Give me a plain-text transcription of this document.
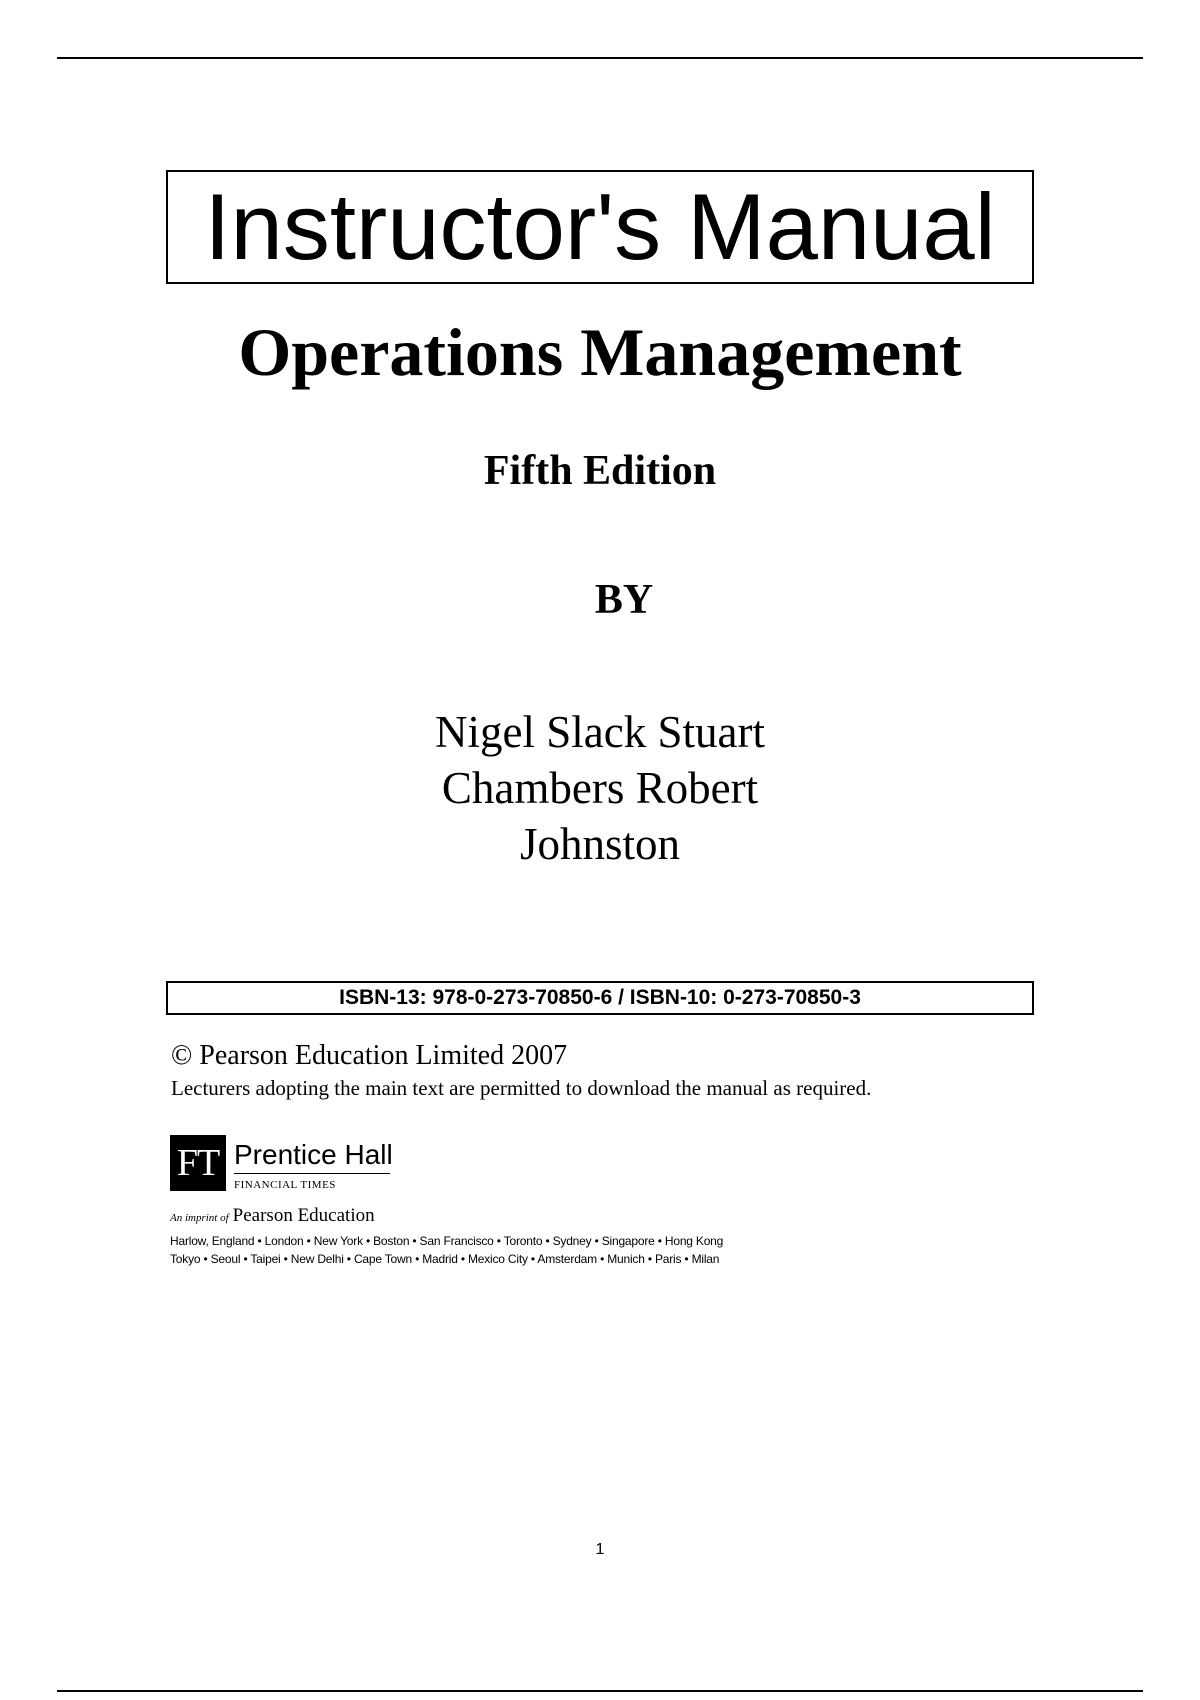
Instructor's Manual
Operations Management
Fifth Edition
BY
Nigel Slack Stuart
Chambers Robert
Johnston
ISBN-13: 978-0-273-70850-6 / ISBN-10: 0-273-70850-3
© Pearson Education Limited 2007
Lecturers adopting the main text are permitted to download the manual as required.
FT Prentice Hall
FINANCIAL TIMES
An imprint of Pearson Education
Harlow, England • London • New York • Boston • San Francisco • Toronto • Sydney • Singapore • Hong Kong
Tokyo • Seoul • Taipei • New Delhi • Cape Town • Madrid • Mexico City • Amsterdam • Munich • Paris • Milan
1
